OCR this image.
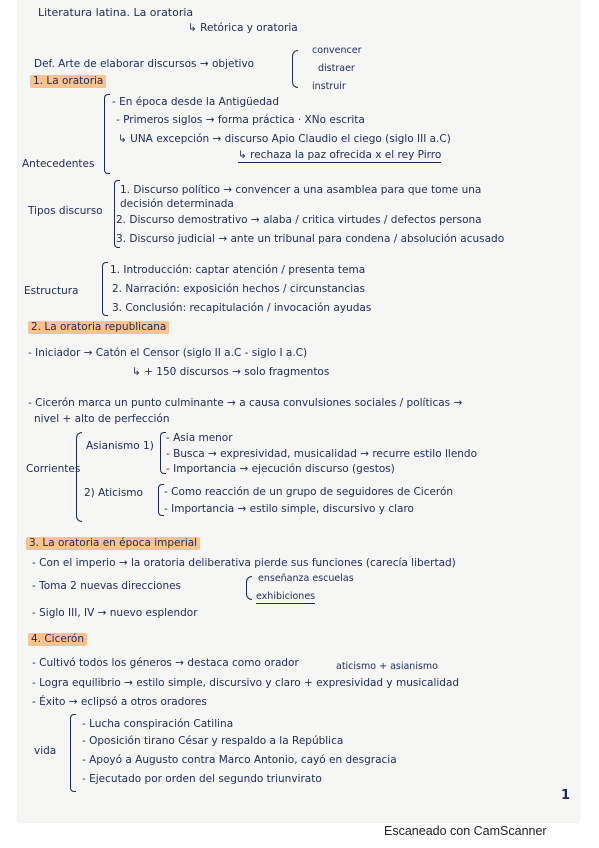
Literatura latina. La oratoria
↳ Retórica y oratoria
Def. Arte de elaborar discursos → objetivo
convencer
distraer
instruir
1. La oratoria
- En época desde la Antigüedad
- Primeros siglos → forma práctica · XNo escrita
↳ UNA excepción → discurso Apio Claudio el ciego (siglo III a.C)
↳ rechaza la paz ofrecida x el rey Pirro
Antecedentes
Tipos discurso
1. Discurso político → convencer a una asamblea para que tome una
decisión determinada
2. Discurso demostrativo → alaba / critica virtudes / defectos persona
3. Discurso judicial → ante un tribunal para condena / absolución acusado
Estructura
1. Introducción: captar atención / presenta tema
2. Narración: exposición hechos / circunstancias
3. Conclusión: recapitulación / invocación ayudas
2. La oratoria republicana
- Iniciador → Catón el Censor (siglo II a.C - siglo I a.C)
↳ + 150 discursos → solo fragmentos
- Cicerón marca un punto culminante → a causa convulsiones sociales / políticas →
nivel + alto de perfección
Corrientes
Asianismo 1)
- Asia menor
- Busca → expresividad, musicalidad → recurre estilo llendo
- Importancia → ejecución discurso (gestos)
2) Aticismo - Como reacción de un grupo de seguidores de Cicerón
- Importancia → estilo simple, discursivo y claro
3. La oratoria en época imperial
- Con el imperio → la oratoria deliberativa pierde sus funciones (carecía libertad)
- Toma 2 nuevas direcciones
enseñanza escuelas
exhibiciones
- Siglo III, IV → nuevo esplendor
4. Cicerón
- Cultivó todos los géneros → destaca como orador	aticismo + asianismo
- Logra equilibrio → estilo simple, discursivo y claro + expresividad y musicalidad
- Éxito → eclipsó a otros oradores
vida
- Lucha conspiración Catilina
- Oposición tirano César y respaldo a la República
- Apoyó a Augusto contra Marco Antonio, cayó en desgracia
- Ejecutado por orden del segundo triunvirato
1
Escaneado con CamScanner
